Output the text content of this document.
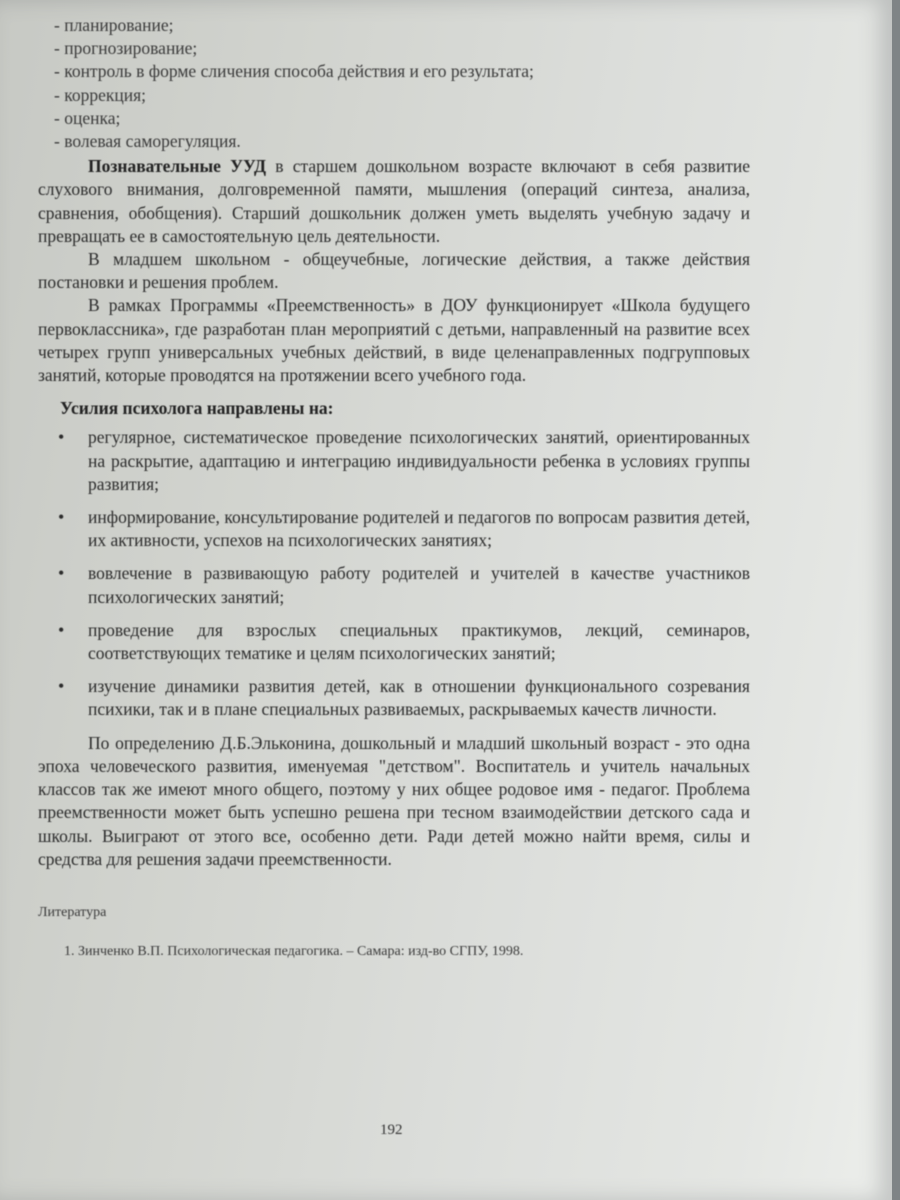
- планирование;

- прогнозирование;

- контроль в форме сличения способа действия и его результата;

- коррекция;

- оценка;

- волевая саморегуляция.

Познавательные УУД в старшем дошкольном возрасте включают в себя развитие слухового внимания, долговременной памяти, мышления (операций синтеза, анализа, сравнения, обобщения). Старший дошкольник должен уметь выделять учебную задачу и превращать ее в самостоятельную цель деятельности.

В младшем школьном - общеучебные, логические действия, а также действия постановки и решения проблем.

В рамках Программы «Преемственность» в ДОУ функционирует «Школа будущего первоклассника», где разработан план мероприятий с детьми, направленный на развитие всех четырех групп универсальных учебных действий, в виде целенаправленных подгрупповых занятий, которые проводятся на протяжении всего учебного года.

Усилия психолога направлены на:

• регулярное, систематическое проведение психологических занятий, ориентированных на раскрытие, адаптацию и интеграцию индивидуальности ребенка в условиях группы развития;
• информирование, консультирование родителей и педагогов по вопросам развития детей, их активности, успехов на психологических занятиях;
• вовлечение в развивающую работу родителей и учителей в качестве участников психологических занятий;
• проведение для взрослых специальных практикумов, лекций, семинаров, соответствующих тематике и целям психологических занятий;
• изучение динамики развития детей, как в отношении функционального созревания психики, так и в плане специальных развиваемых, раскрываемых качеств личности.

По определению Д.Б.Эльконина, дошкольный и младший школьный возраст - это одна эпоха человеческого развития, именуемая "детством". Воспитатель и учитель начальных классов так же имеют много общего, поэтому у них общее родовое имя - педагог. Проблема преемственности может быть успешно решена при тесном взаимодействии детского сада и школы. Выиграют от этого все, особенно дети. Ради детей можно найти время, силы и средства для решения задачи преемственности.

Литература
1. Зинченко В.П. Психологическая педагогика. – Самара: изд-во СГПУ, 1998.
192
